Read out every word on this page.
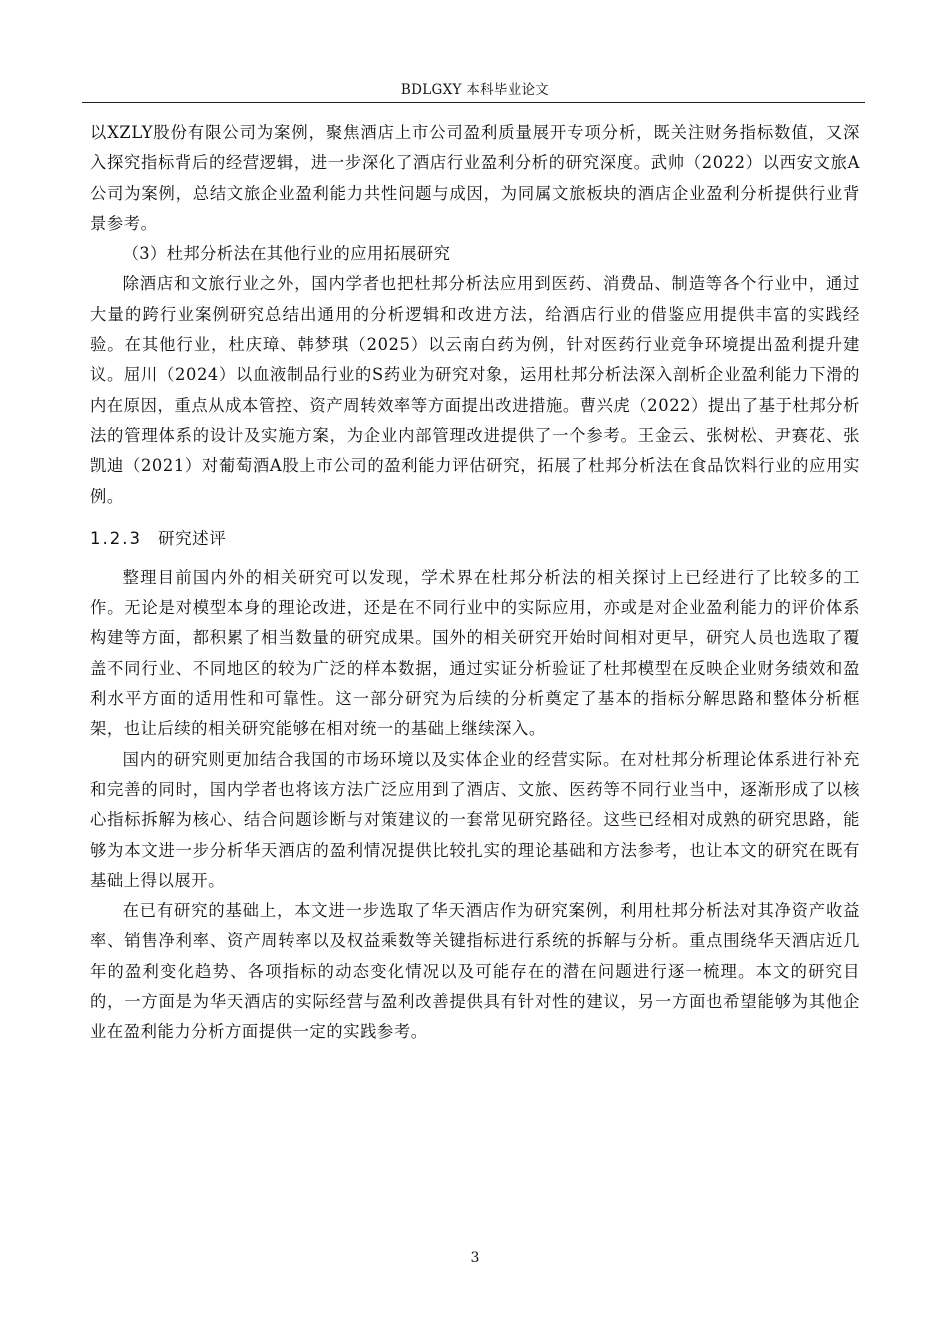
BDLGXY 本科毕业论文

以XZLY股份有限公司为案例，聚焦酒店上市公司盈利质量展开专项分析，既关注财务指标数值，又深入探究指标背后的经营逻辑，进一步深化了酒店行业盈利分析的研究深度。武帅（2022）以西安文旅A公司为案例，总结文旅企业盈利能力共性问题与成因，为同属文旅板块的酒店企业盈利分析提供行业背景参考。

（3）杜邦分析法在其他行业的应用拓展研究

除酒店和文旅行业之外，国内学者也把杜邦分析法应用到医药、消费品、制造等各个行业中，通过大量的跨行业案例研究总结出通用的分析逻辑和改进方法，给酒店行业的借鉴应用提供丰富的实践经验。在其他行业，杜庆璋、韩梦琪（2025）以云南白药为例，针对医药行业竞争环境提出盈利提升建议。屈川（2024）以血液制品行业的S药业为研究对象，运用杜邦分析法深入剖析企业盈利能力下滑的内在原因，重点从成本管控、资产周转效率等方面提出改进措施。曹兴虎（2022）提出了基于杜邦分析法的管理体系的设计及实施方案，为企业内部管理改进提供了一个参考。王金云、张树松、尹赛花、张凯迪（2021）对葡萄酒A股上市公司的盈利能力评估研究，拓展了杜邦分析法在食品饮料行业的应用实例。

1.2.3 研究述评

整理目前国内外的相关研究可以发现，学术界在杜邦分析法的相关探讨上已经进行了比较多的工作。无论是对模型本身的理论改进，还是在不同行业中的实际应用，亦或是对企业盈利能力的评价体系构建等方面，都积累了相当数量的研究成果。国外的相关研究开始时间相对更早，研究人员也选取了覆盖不同行业、不同地区的较为广泛的样本数据，通过实证分析验证了杜邦模型在反映企业财务绩效和盈利水平方面的适用性和可靠性。这一部分研究为后续的分析奠定了基本的指标分解思路和整体分析框架，也让后续的相关研究能够在相对统一的基础上继续深入。

国内的研究则更加结合我国的市场环境以及实体企业的经营实际。在对杜邦分析理论体系进行补充和完善的同时，国内学者也将该方法广泛应用到了酒店、文旅、医药等不同行业当中，逐渐形成了以核心指标拆解为核心、结合问题诊断与对策建议的一套常见研究路径。这些已经相对成熟的研究思路，能够为本文进一步分析华天酒店的盈利情况提供比较扎实的理论基础和方法参考，也让本文的研究在既有基础上得以展开。

在已有研究的基础上，本文进一步选取了华天酒店作为研究案例，利用杜邦分析法对其净资产收益率、销售净利率、资产周转率以及权益乘数等关键指标进行系统的拆解与分析。重点围绕华天酒店近几年的盈利变化趋势、各项指标的动态变化情况以及可能存在的潜在问题进行逐一梳理。本文的研究目的，一方面是为华天酒店的实际经营与盈利改善提供具有针对性的建议，另一方面也希望能够为其他企业在盈利能力分析方面提供一定的实践参考。

3
